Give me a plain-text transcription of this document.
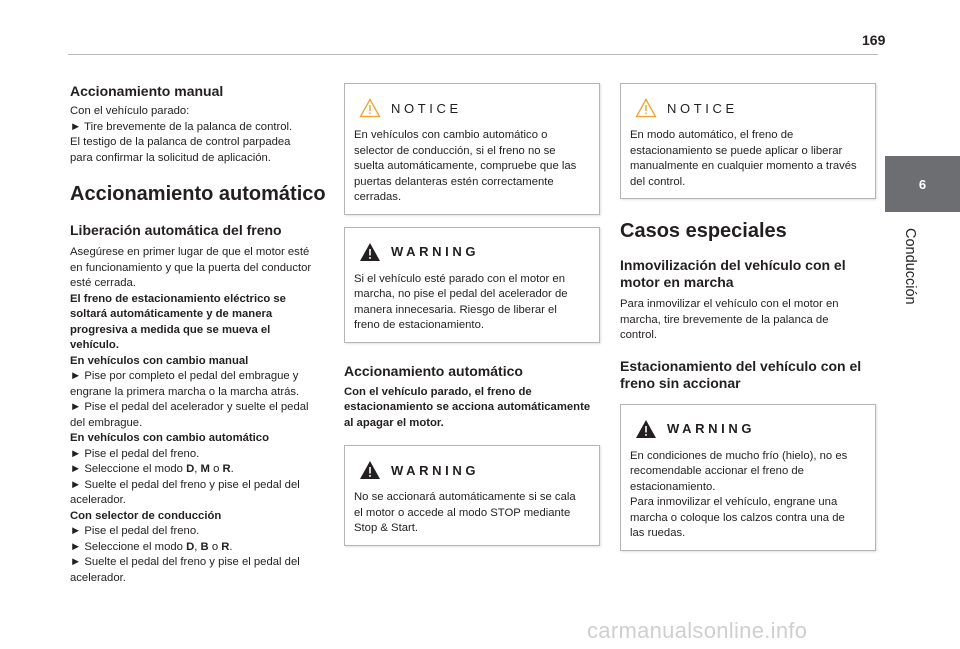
169
6
Conducción
Accionamiento manual

Con el vehículo parado:

► Tire brevemente de la palanca de control.

El testigo de la palanca de control parpadea

para confirmar la solicitud de aplicación.

Accionamiento automático
Liberación automática del freno

Asegúrese en primer lugar de que el motor esté

en funcionamiento y que la puerta del conductor

esté cerrada.

El freno de estacionamiento eléctrico se

soltará automáticamente y de manera

progresiva a medida que se mueva el

vehículo.

En vehículos con cambio manual

► Pise por completo el pedal del embrague y

engrane la primera marcha o la marcha atrás.

► Pise el pedal del acelerador y suelte el pedal

del embrague.

En vehículos con cambio automático

► Pise el pedal del freno.

► Seleccione el modo D, M o R.

► Suelte el pedal del freno y pise el pedal del

acelerador.

Con selector de conducción

► Pise el pedal del freno.

► Seleccione el modo D, B o R.

► Suelte el pedal del freno y pise el pedal del

acelerador.

NOTICE

En vehículos con cambio automático o

selector de conducción, si el freno no se

suelta automáticamente, compruebe que las

puertas delanteras estén correctamente

cerradas.

WARNING

Si el vehículo esté parado con el motor en

marcha, no pise el pedal del acelerador de

manera innecesaria. Riesgo de liberar el

freno de estacionamiento.

Accionamiento automático

Con el vehículo parado, el freno de

estacionamiento se acciona automáticamente

al apagar el motor.

WARNING

No se accionará automáticamente si se cala

el motor o accede al modo STOP mediante

Stop & Start.

NOTICE

En modo automático, el freno de

estacionamiento se puede aplicar o liberar

manualmente en cualquier momento a través

del control.

Casos especiales
Inmovilización del vehículo con el
motor en marcha

Para inmovilizar el vehículo con el motor en

marcha, tire brevemente de la palanca de

control.

Estacionamiento del vehículo con el
freno sin accionar
WARNING

En condiciones de mucho frío (hielo), no es

recomendable accionar el freno de

estacionamiento.

Para inmovilizar el vehículo, engrane una

marcha o coloque los calzos contra una de

las ruedas.

carmanualsonline.info
